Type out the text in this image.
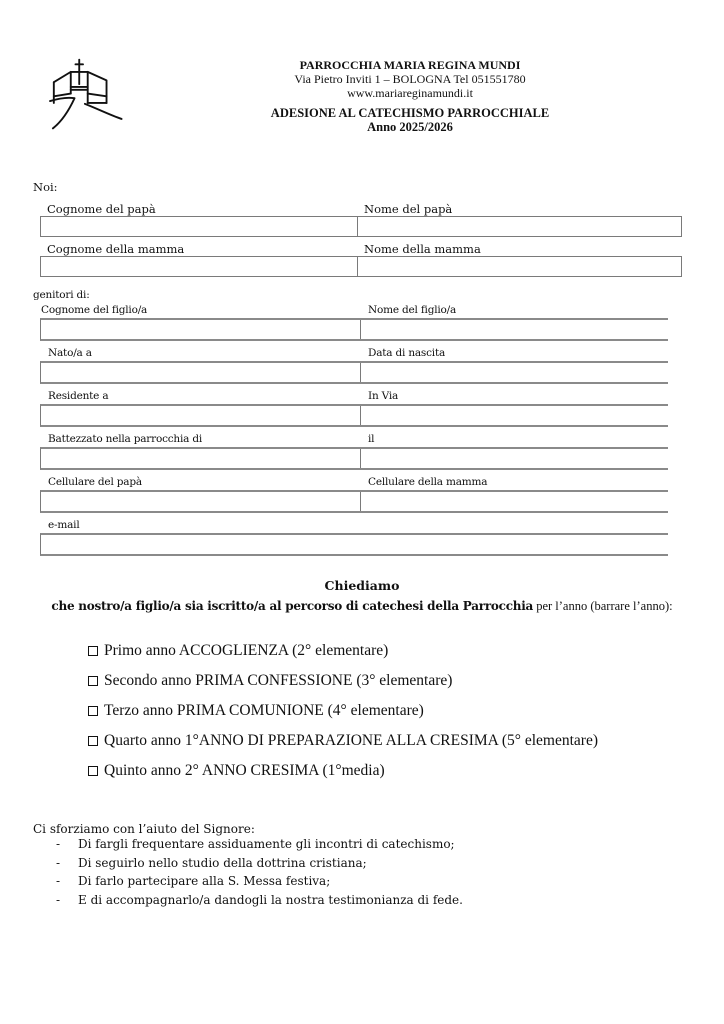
PARROCCHIA MARIA REGINA MUNDI
Via Pietro Inviti 1 – BOLOGNA Tel 051551780
www.mariareginamundi.it
ADESIONE AL CATECHISMO PARROCCHIALE
Anno 2025/2026
Noi:
Cognome del papà	Nome del papà
Cognome della mamma	Nome della mamma
genitori di:
Cognome del figlio/a	Nome del figlio/a
Nato/a a	Data di nascita
Residente a	In Via
Battezzato nella parrocchia di	il
Cellulare del papà	Cellulare della mamma
e-mail
Chiediamo
che nostro/a figlio/a sia iscritto/a al percorso di catechesi della Parrocchia per l’anno (barrare l’anno):
Primo anno ACCOGLIENZA (2° elementare)
Secondo anno PRIMA CONFESSIONE (3° elementare)
Terzo anno PRIMA COMUNIONE (4° elementare)
Quarto anno 1°ANNO DI PREPARAZIONE ALLA CRESIMA (5° elementare)
Quinto anno 2° ANNO CRESIMA (1°media)
Ci sforziamo con l’aiuto del Signore:
- Di fargli frequentare assiduamente gli incontri di catechismo;
- Di seguirlo nello studio della dottrina cristiana;
- Di farlo partecipare alla S. Messa festiva;
- E di accompagnarlo/a dandogli la nostra testimonianza di fede.
